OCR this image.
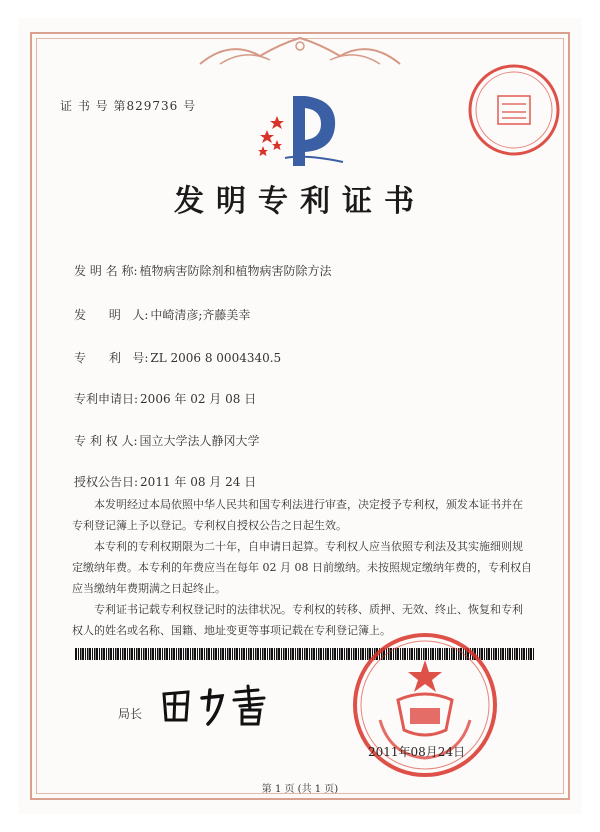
证 书 号 第829736 号
发明专利证书
发 明 名 称: 植物病害防除剂和植物病害防除方法
发      明   人: 中崎清彦;齐藤美幸
专      利   号: ZL 2006 8 0004340.5
专利申请日: 2006 年 02 月 08 日
专 利 权 人: 国立大学法人静冈大学
授权公告日: 2011 年 08 月 24 日

本发明经过本局依照中华人民共和国专利法进行审查，决定授予专利权，颁发本证书并在专利登记簿上予以登记。专利权自授权公告之日起生效。

本专利的专利权期限为二十年，自申请日起算。专利权人应当依照专利法及其实施细则规定缴纳年费。本专利的年费应当在每年 02 月 08 日前缴纳。未按照规定缴纳年费的，专利权自应当缴纳年费期满之日起终止。

专利证书记载专利权登记时的法律状况。专利权的转移、质押、无效、终止、恢复和专利权人的姓名或名称、国籍、地址变更等事项记载在专利登记簿上。

局长
2011年08月24日
第 1 页 (共 1 页)
